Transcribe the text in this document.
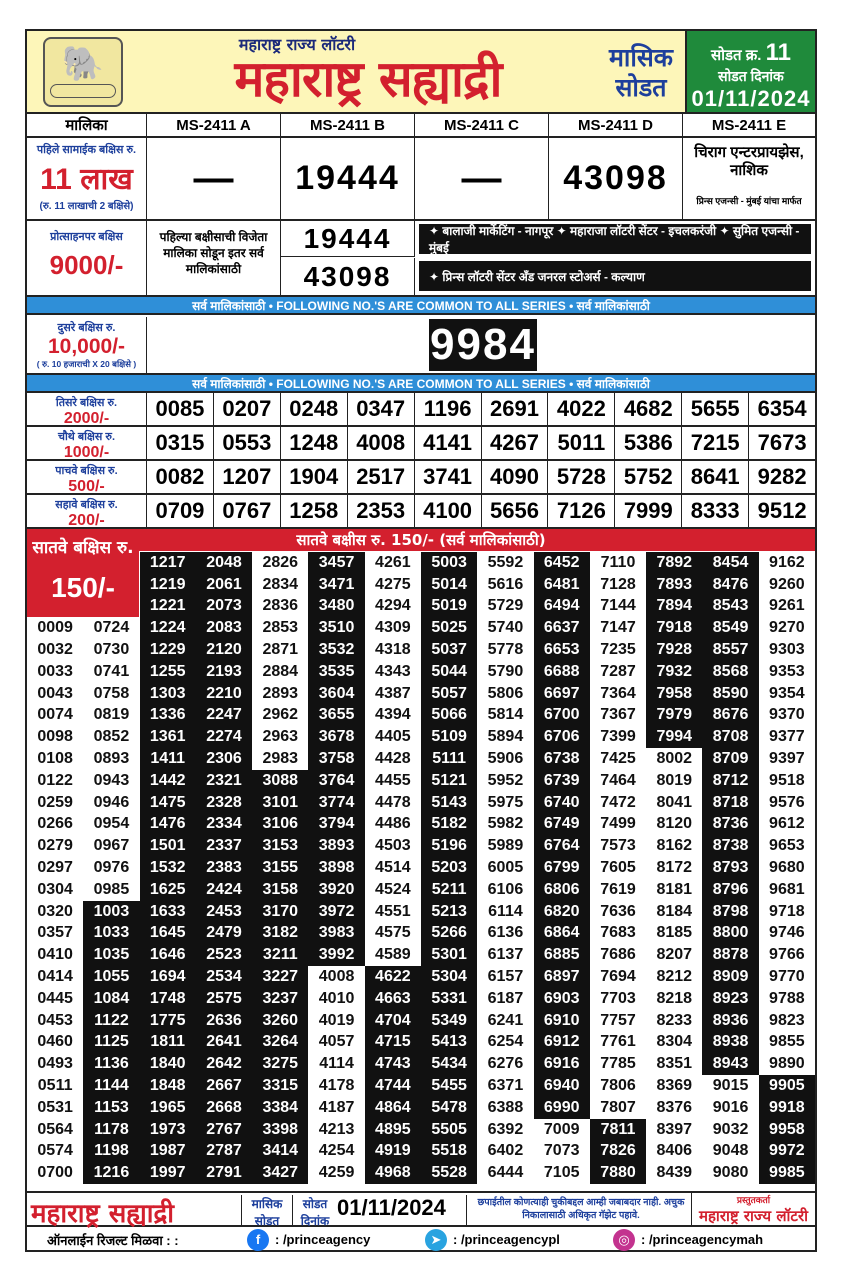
🐘
महाराष्ट्र राज्य लॉटरी
महाराष्ट्र सह्याद्री	मासिक
सोडत
सोडत क्र. 11
सोडत दिनांक
01/11/2024
मालिका	MS-2411 A	MS-2411 B	MS-2411 C	MS-2411 D	MS-2411 E
पहिले सामाईक बक्षिस रु.
11 लाख
(रु. 11 लाखाची 2 बक्षिसे)
—	19444	—	43098
चिराग एन्टरप्रायझेस, नाशिक
प्रिन्स एजन्सी - मुंबई यांचा मार्फत
प्रोत्साहनपर बक्षिस
9000/-
पहिल्या बक्षीसाची विजेता मालिका सोडून इतर सर्व मालिकांसाठी
19444
43098
✦ बालाजी मार्केटिंग - नागपूर ✦ महाराजा लॉटरी सेंटर - इचलकरंजी ✦ सुमित एजन्सी - मुंबई
✦ प्रिन्स लॉटरी सेंटर अँड जनरल स्टोअर्स - कल्याण
सर्व मालिकांसाठी • FOLLOWING NO.'S ARE COMMON TO ALL SERIES • सर्व मालिकांसाठी
दुसरे बक्षिस रु.
10,000/-
( रु. 10 हजाराची X 20 बक्षिसे )	9984
सर्व मालिकांसाठी • FOLLOWING NO.'S ARE COMMON TO ALL SERIES • सर्व मालिकांसाठी
तिसरे बक्षिस रु.
2000/-	0085 0207 0248 0347 1196 2691 4022 4682 5655 6354
चौथे बक्षिस रु.
1000/-	0315 0553 1248 4008 4141 4267 5011 5386 7215 7673
पाचवे बक्षिस रु.
500/-	0082 1207 1904 2517 3741 4090 5728 5752 8641 9282
सहावे बक्षिस रु.
200/-	0709 0767 1258 2353 4100 5656 7126 7999 8333 9512
सातवे बक्षीस रु. 150/- (सर्व मालिकांसाठी)
सातवे बक्षिस रु.
150/-
1217	2048	2826	3457	4261	5003	5592	6452	7110	7892	8454	9162
1219	2061	2834	3471	4275	5014	5616	6481	7128	7893	8476	9260
1221	2073	2836	3480	4294	5019	5729	6494	7144	7894	8543	9261
0009	0724	1224	2083	2853	3510	4309	5025	5740	6637	7147	7918	8549	9270
0032	0730	1229	2120	2871	3532	4318	5037	5778	6653	7235	7928	8557	9303
0033	0741	1255	2193	2884	3535	4343	5044	5790	6688	7287	7932	8568	9353
0043	0758	1303	2210	2893	3604	4387	5057	5806	6697	7364	7958	8590	9354
0074	0819	1336	2247	2962	3655	4394	5066	5814	6700	7367	7979	8676	9370
0098	0852	1361	2274	2963	3678	4405	5109	5894	6706	7399	7994	8708	9377
0108	0893	1411	2306	2983	3758	4428	5111	5906	6738	7425	8002	8709	9397
0122	0943	1442	2321	3088	3764	4455	5121	5952	6739	7464	8019	8712	9518
0259	0946	1475	2328	3101	3774	4478	5143	5975	6740	7472	8041	8718	9576
0266	0954	1476	2334	3106	3794	4486	5182	5982	6749	7499	8120	8736	9612
0279	0967	1501	2337	3153	3893	4503	5196	5989	6764	7573	8162	8738	9653
0297	0976	1532	2383	3155	3898	4514	5203	6005	6799	7605	8172	8793	9680
0304	0985	1625	2424	3158	3920	4524	5211	6106	6806	7619	8181	8796	9681
0320	1003	1633	2453	3170	3972	4551	5213	6114	6820	7636	8184	8798	9718
0357	1033	1645	2479	3182	3983	4575	5266	6136	6864	7683	8185	8800	9746
0410	1035	1646	2523	3211	3992	4589	5301	6137	6885	7686	8207	8878	9766
0414	1055	1694	2534	3227	4008	4622	5304	6157	6897	7694	8212	8909	9770
0445	1084	1748	2575	3237	4010	4663	5331	6187	6903	7703	8218	8923	9788
0453	1122	1775	2636	3260	4019	4704	5349	6241	6910	7757	8233	8936	9823
0460	1125	1811	2641	3264	4057	4715	5413	6254	6912	7761	8304	8938	9855
0493	1136	1840	2642	3275	4114	4743	5434	6276	6916	7785	8351	8943	9890
0511	1144	1848	2667	3315	4178	4744	5455	6371	6940	7806	8369	9015	9905
0531	1153	1965	2668	3384	4187	4864	5478	6388	6990	7807	8376	9016	9918
0564	1178	1973	2767	3398	4213	4895	5505	6392	7009	7811	8397	9032	9958
0574	1198	1987	2787	3414	4254	4919	5518	6402	7073	7826	8406	9048	9972
0700	1216	1997	2791	3427	4259	4968	5528	6444	7105	7880	8439	9080	9985
महाराष्ट्र सह्याद्री	मासिक सोडत
सोडत दिनांक
01/11/2024	छपाईतील कोणत्याही चुकीबद्दल आम्ही जबाबदार नाही. अचुक निकालासाठी अधिकृत गॅझेट पहावे.
प्रस्तुतकर्ता
महाराष्ट्र राज्य लॉटरी
ऑनलाईन रिजल्ट मिळवा : :	f	: /princeagency	➤ : /princeagencypl	◎ : /princeagencymah
